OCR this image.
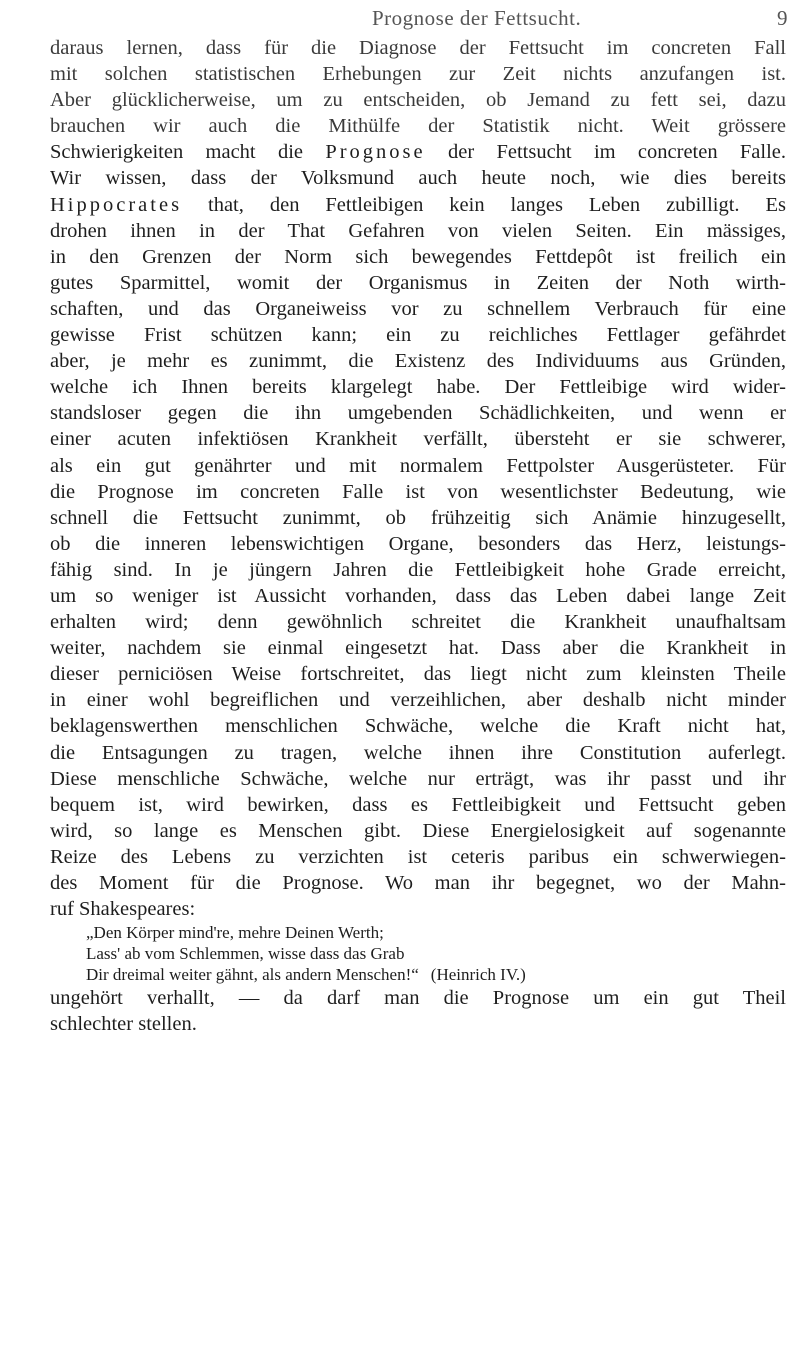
Prognose der Fettsucht.	9
daraus lernen, dass für die Diagnose der Fettsucht im concreten Fall
mit solchen statistischen Erhebungen zur Zeit nichts anzufangen ist.
Aber glücklicherweise, um zu entscheiden, ob Jemand zu fett sei, dazu
brauchen wir auch die Mithülfe der Statistik nicht. Weit grössere
Schwierigkeiten macht die Prognose der Fettsucht im concreten Falle.
Wir wissen, dass der Volksmund auch heute noch, wie dies bereits
Hippocrates that, den Fettleibigen kein langes Leben zubilligt. Es
drohen ihnen in der That Gefahren von vielen Seiten. Ein mässiges,
in den Grenzen der Norm sich bewegendes Fettdepôt ist freilich ein
gutes Sparmittel, womit der Organismus in Zeiten der Noth wirth-
schaften, und das Organeiweiss vor zu schnellem Verbrauch für eine
gewisse Frist schützen kann; ein zu reichliches Fettlager gefährdet
aber, je mehr es zunimmt, die Existenz des Individuums aus Gründen,
welche ich Ihnen bereits klargelegt habe. Der Fettleibige wird wider-
standsloser gegen die ihn umgebenden Schädlichkeiten, und wenn er
einer acuten infektiösen Krankheit verfällt, übersteht er sie schwerer,
als ein gut genährter und mit normalem Fettpolster Ausgerüsteter. Für
die Prognose im concreten Falle ist von wesentlichster Bedeutung, wie
schnell die Fettsucht zunimmt, ob frühzeitig sich Anämie hinzugesellt,
ob die inneren lebenswichtigen Organe, besonders das Herz, leistungs-
fähig sind. In je jüngern Jahren die Fettleibigkeit hohe Grade erreicht,
um so weniger ist Aussicht vorhanden, dass das Leben dabei lange Zeit
erhalten wird; denn gewöhnlich schreitet die Krankheit unaufhaltsam
weiter, nachdem sie einmal eingesetzt hat. Dass aber die Krankheit in
dieser perniciösen Weise fortschreitet, das liegt nicht zum kleinsten Theile
in einer wohl begreiflichen und verzeihlichen, aber deshalb nicht minder
beklagenswerthen menschlichen Schwäche, welche die Kraft nicht hat,
die Entsagungen zu tragen, welche ihnen ihre Constitution auferlegt.
Diese menschliche Schwäche, welche nur erträgt, was ihr passt und ihr
bequem ist, wird bewirken, dass es Fettleibigkeit und Fettsucht geben
wird, so lange es Menschen gibt. Diese Energielosigkeit auf sogenannte
Reize des Lebens zu verzichten ist ceteris paribus ein schwerwiegen-
des Moment für die Prognose. Wo man ihr begegnet, wo der Mahn-
ruf Shakespeares:
„Den Körper mind're, mehre Deinen Werth;
Lass' ab vom Schlemmen, wisse dass das Grab
Dir dreimal weiter gähnt, als andern Menschen!“ (Heinrich IV.)
ungehört verhallt, — da darf man die Prognose um ein gut Theil
schlechter stellen.
